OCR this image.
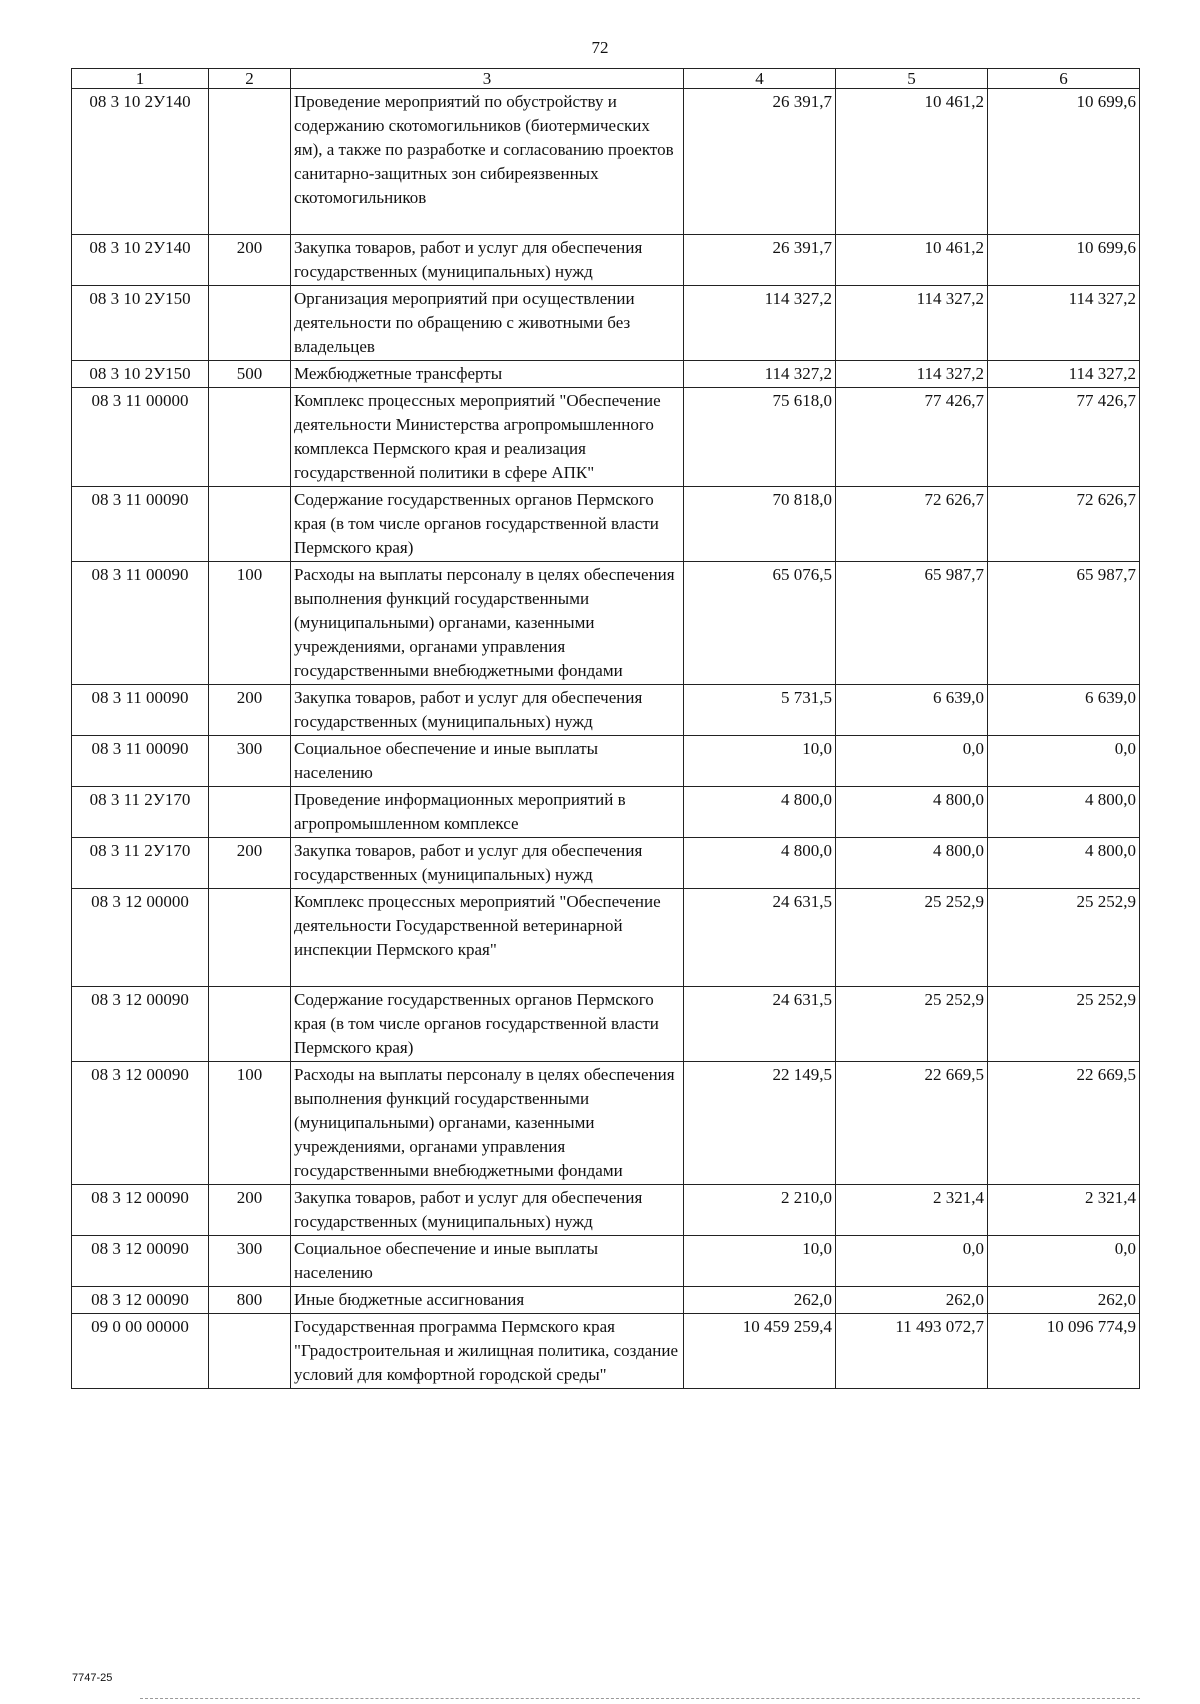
72
1	2	3	4	5	6
08 3 10 2У140		Проведение мероприятий по обустройству и содержанию скотомогильников (биотермических ям), а также по разработке и согласованию проектов санитарно-защитных зон сибиреязвенных скотомогильников	26 391,7	10 461,2	10 699,6
08 3 10 2У140	200	Закупка товаров, работ и услуг для обеспечения государственных (муниципальных) нужд	26 391,7	10 461,2	10 699,6
08 3 10 2У150		Организация мероприятий при осуществлении деятельности по обращению с животными без владельцев	114 327,2	114 327,2	114 327,2
08 3 10 2У150	500	Межбюджетные трансферты	114 327,2	114 327,2	114 327,2
08 3 11 00000		Комплекс процессных мероприятий "Обеспечение деятельности Министерства агропромышленного комплекса Пермского края и реализация государственной политики в сфере АПК"	75 618,0	77 426,7	77 426,7
08 3 11 00090		Содержание государственных органов Пермского края (в том числе органов государственной власти Пермского края)	70 818,0	72 626,7	72 626,7
08 3 11 00090	100	Расходы на выплаты персоналу в целях обеспечения выполнения функций государственными (муниципальными) органами, казенными учреждениями, органами управления государственными внебюджетными фондами	65 076,5	65 987,7	65 987,7
08 3 11 00090	200	Закупка товаров, работ и услуг для обеспечения государственных (муниципальных) нужд	5 731,5	6 639,0	6 639,0
08 3 11 00090	300	Социальное обеспечение и иные выплаты населению	10,0	0,0	0,0
08 3 11 2У170		Проведение информационных мероприятий в агропромышленном комплексе	4 800,0	4 800,0	4 800,0
08 3 11 2У170	200	Закупка товаров, работ и услуг для обеспечения государственных (муниципальных) нужд	4 800,0	4 800,0	4 800,0
08 3 12 00000		Комплекс процессных мероприятий "Обеспечение деятельности Государственной ветеринарной инспекции Пермского края"	24 631,5	25 252,9	25 252,9
08 3 12 00090		Содержание государственных органов Пермского края (в том числе органов государственной власти Пермского края)	24 631,5	25 252,9	25 252,9
08 3 12 00090	100	Расходы на выплаты персоналу в целях обеспечения выполнения функций государственными (муниципальными) органами, казенными учреждениями, органами управления государственными внебюджетными фондами	22 149,5	22 669,5	22 669,5
08 3 12 00090	200	Закупка товаров, работ и услуг для обеспечения государственных (муниципальных) нужд	2 210,0	2 321,4	2 321,4
08 3 12 00090	300	Социальное обеспечение и иные выплаты населению	10,0	0,0	0,0
08 3 12 00090	800	Иные бюджетные ассигнования	262,0	262,0	262,0
09 0 00 00000		Государственная программа Пермского края "Градостроительная и жилищная политика, создание условий для комфортной городской среды"	10 459 259,4	11 493 072,7	10 096 774,9
7747-25
